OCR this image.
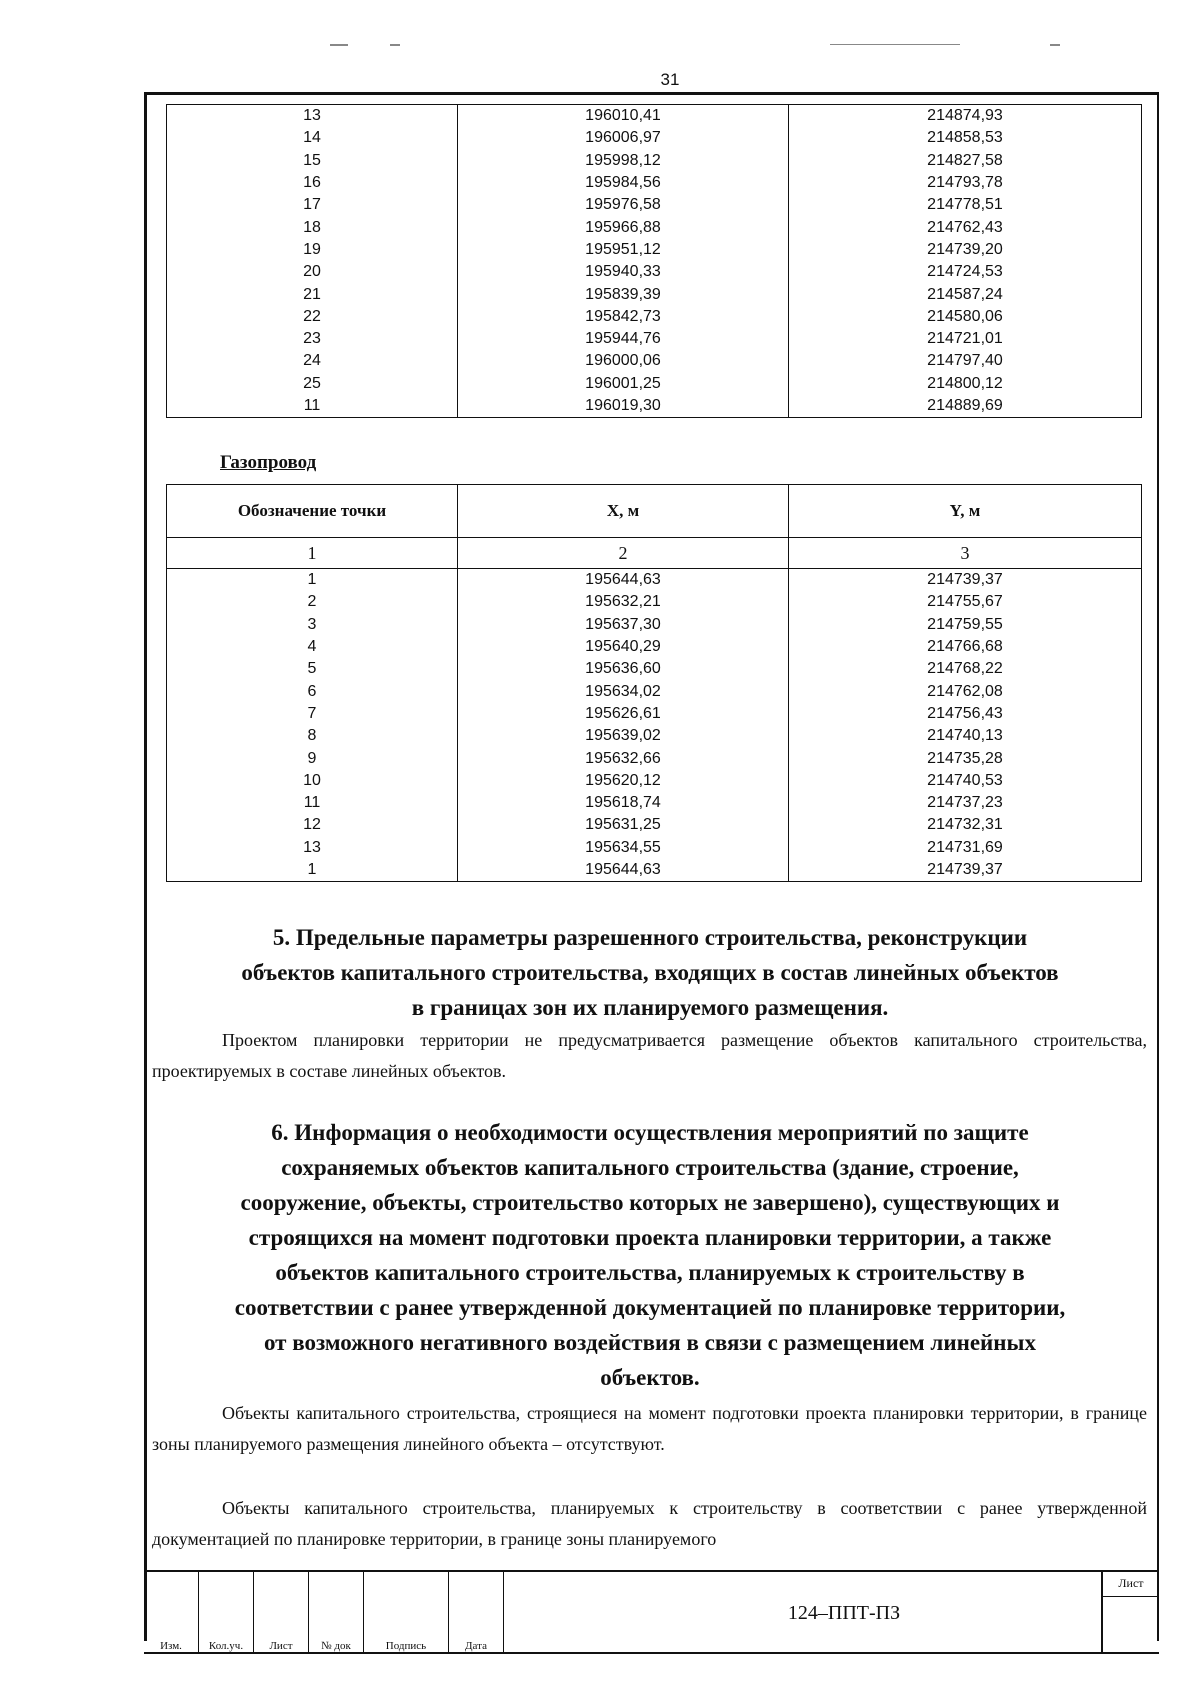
31
13	196010,41	214874,93
14	196006,97	214858,53
15	195998,12	214827,58
16	195984,56	214793,78
17	195976,58	214778,51
18	195966,88	214762,43
19	195951,12	214739,20
20	195940,33	214724,53
21	195839,39	214587,24
22	195842,73	214580,06
23	195944,76	214721,01
24	196000,06	214797,40
25	196001,25	214800,12
11	196019,30	214889,69
Газопровод
Обозначение точки	X, м	Y, м
1	2	3
1	195644,63	214739,37
2	195632,21	214755,67
3	195637,30	214759,55
4	195640,29	214766,68
5	195636,60	214768,22
6	195634,02	214762,08
7	195626,61	214756,43
8	195639,02	214740,13
9	195632,66	214735,28
10	195620,12	214740,53
11	195618,74	214737,23
12	195631,25	214732,31
13	195634,55	214731,69
1	195644,63	214739,37
5. Предельные параметры разрешенного строительства, реконструкции
объектов капитального строительства, входящих в состав линейных объектов
в границах зон их планируемого размещения.
Проектом планировки территории не предусматривается размещение объектов капитального строительства, проектируемых в составе линейных объектов.
6. Информация о необходимости осуществления мероприятий по защите
сохраняемых объектов капитального строительства (здание, строение,
сооружение, объекты, строительство которых не завершено), существующих и
строящихся на момент подготовки проекта планировки территории, а также
объектов капитального строительства, планируемых к строительству в
соответствии с ранее утвержденной документацией по планировке территории,
от возможного негативного воздействия в связи с размещением линейных
объектов.
Объекты капитального строительства, строящиеся на момент подготовки проекта планировки территории, в границе зоны планируемого размещения линейного объекта – отсутствуют.
Объекты капитального строительства, планируемых к строительству в соответствии с ранее утвержденной документацией по планировке территории, в границе зоны планируемого
Изм.	Кол.уч.	Лист	№ док	Подпись	Дата
124–ППТ-ПЗ
Лист
